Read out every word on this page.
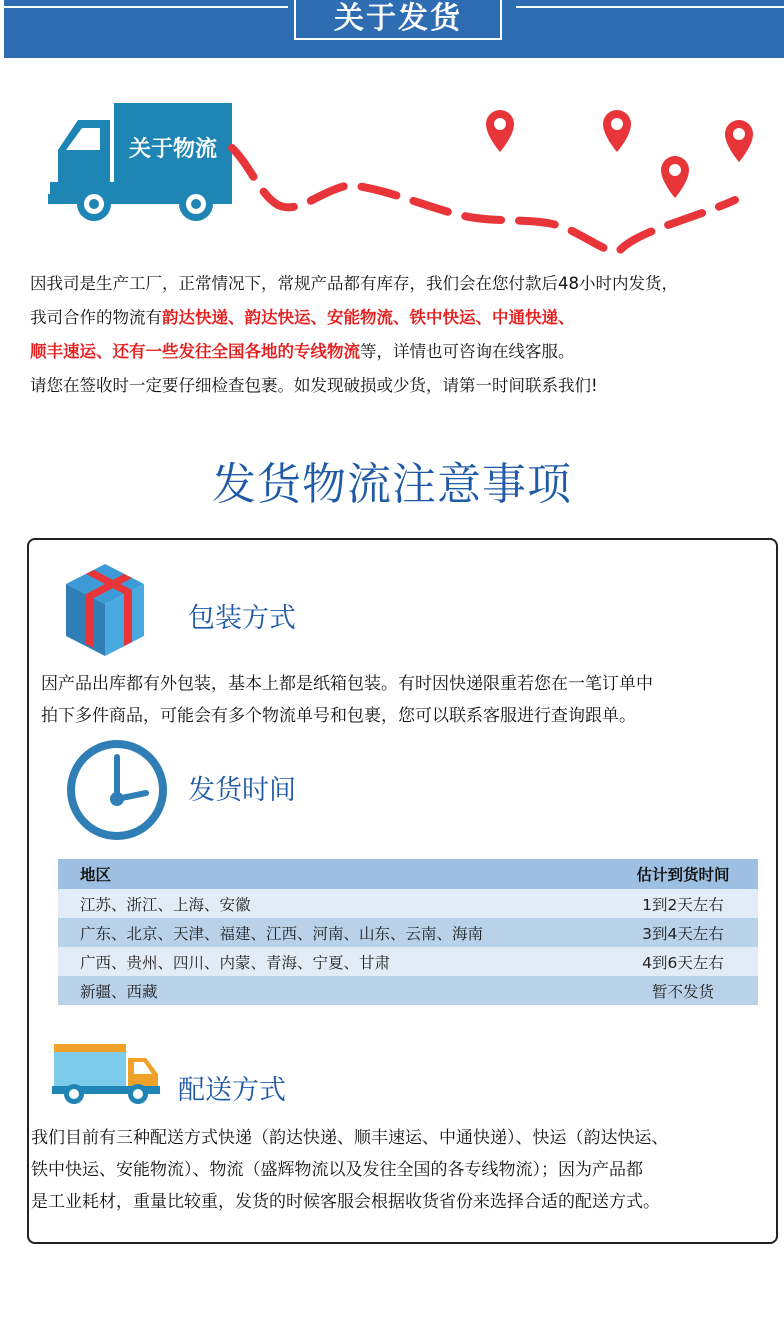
关于发货
关于物流

因我司是生产工厂，正常情况下，常规产品都有库存，我们会在您付款后48小时内发货，

我司合作的物流有韵达快递、韵达快运、安能物流、铁中快运、中通快递、

顺丰速运、还有一些发往全国各地的专线物流等，详情也可咨询在线客服。

请您在签收时一定要仔细检查包裹。如发现破损或少货，请第一时间联系我们!

发货物流注意事项
包装方式
因产品出库都有外包装，基本上都是纸箱包装。有时因快递限重若您在一笔订单中
拍下多件商品，可能会有多个物流单号和包裹，您可以联系客服进行查询跟单。
发货时间
地区	估计到货时间
江苏、浙江、上海、安徽	1到2天左右
广东、北京、天津、福建、江西、河南、山东、云南、海南	3到4天左右
广西、贵州、四川、内蒙、青海、宁夏、甘肃	4到6天左右
新疆、西藏	暂不发货
配送方式
我们目前有三种配送方式快递（韵达快递、顺丰速运、中通快递）、快运（韵达快运、
铁中快运、安能物流）、物流（盛辉物流以及发往全国的各专线物流）；因为产品都
是工业耗材，重量比较重，发货的时候客服会根据收货省份来选择合适的配送方式。
